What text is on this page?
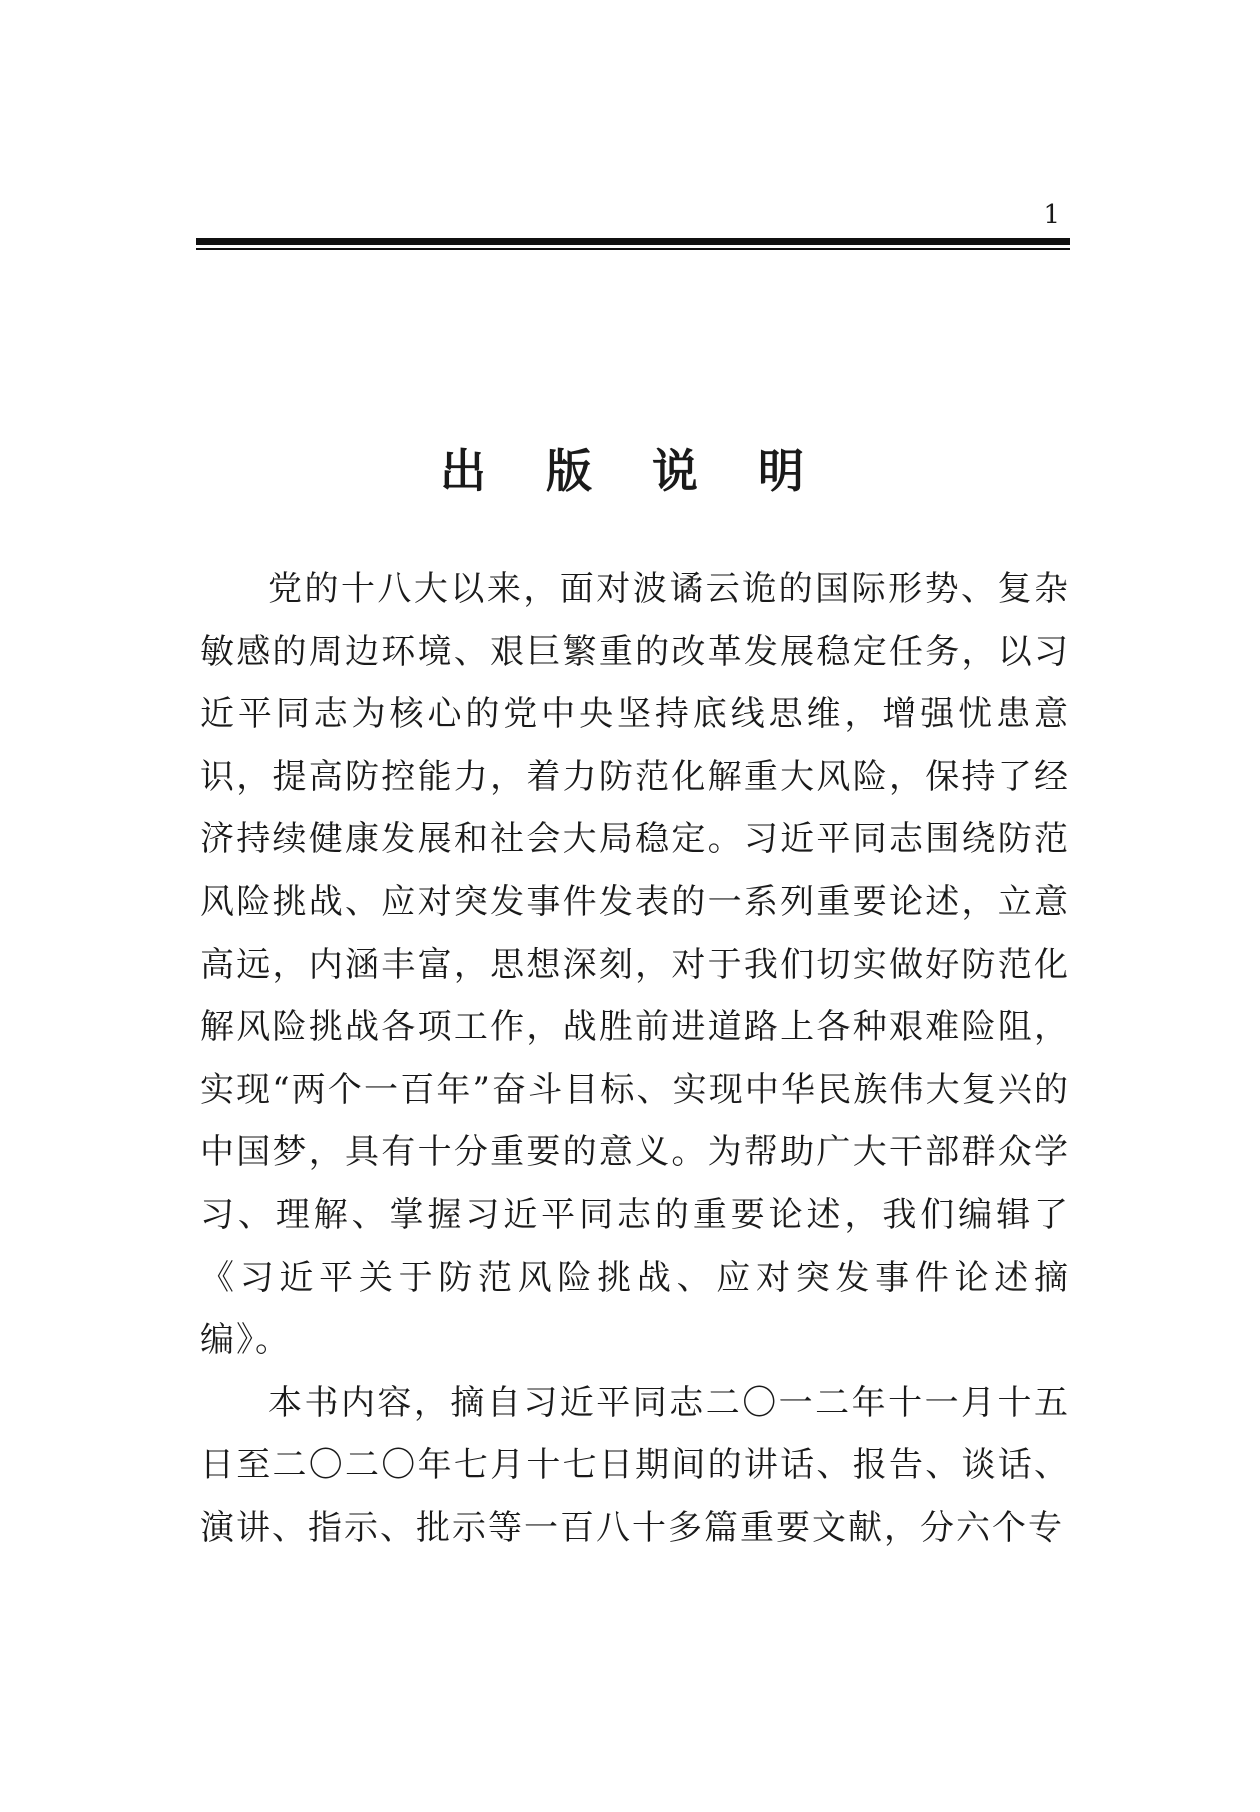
1
出 版 说 明

党的十八大以来，面对波谲云诡的国际形势、复杂敏感的周边环境、艰巨繁重的改革发展稳定任务，以习近平同志为核心的党中央坚持底线思维，增强忧患意识，提高防控能力，着力防范化解重大风险，保持了经济持续健康发展和社会大局稳定。习近平同志围绕防范风险挑战、应对突发事件发表的一系列重要论述，立意高远，内涵丰富，思想深刻，对于我们切实做好防范化解风险挑战各项工作，战胜前进道路上各种艰难险阻，实现“两个一百年”奋斗目标、实现中华民族伟大复兴的中国梦，具有十分重要的意义。为帮助广大干部群众学习、理解、掌握习近平同志的重要论述，我们编辑了《习近平关于防范风险挑战、应对突发事件论述摘编》。

本书内容，摘自习近平同志二〇一二年十一月十五日至二〇二〇年七月十七日期间的讲话、报告、谈话、演讲、指示、批示等一百八十多篇重要文献，分六个专
